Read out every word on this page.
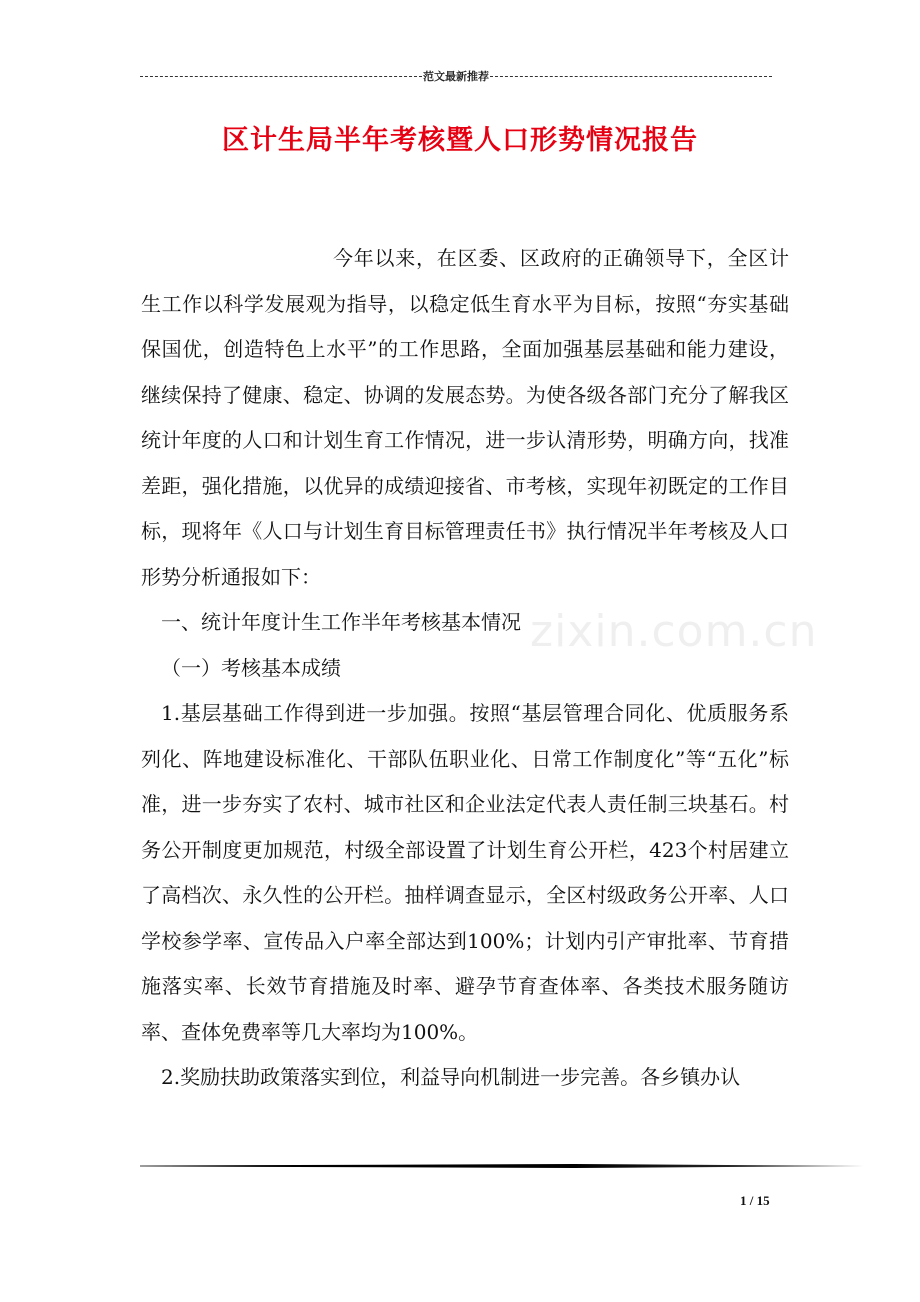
范文最新推荐
区计生局半年考核暨人口形势情况报告

今年以来，在区委、区政府的正确领导下，全区计生工作以科学发展观为指导，以稳定低生育水平为目标，按照“夯实基础保国优，创造特色上水平”的工作思路，全面加强基层基础和能力建设，继续保持了健康、稳定、协调的发展态势。为使各级各部门充分了解我区统计年度的人口和计划生育工作情况，进一步认清形势，明确方向，找准差距，强化措施，以优异的成绩迎接省、市考核，实现年初既定的工作目标，现将年《人口与计划生育目标管理责任书》执行情况半年考核及人口形势分析通报如下：

一、统计年度计生工作半年考核基本情况

（一）考核基本成绩

1.基层基础工作得到进一步加强。按照“基层管理合同化、优质服务系列化、阵地建设标准化、干部队伍职业化、日常工作制度化”等“五化”标准，进一步夯实了农村、城市社区和企业法定代表人责任制三块基石。村务公开制度更加规范，村级全部设置了计划生育公开栏，423个村居建立了高档次、永久性的公开栏。抽样调查显示，全区村级政务公开率、人口学校参学率、宣传品入户率全部达到100%；计划内引产审批率、节育措施落实率、长效节育措施及时率、避孕节育查体率、各类技术服务随访率、查体免费率等几大率均为100%。

2.奖励扶助政策落实到位，利益导向机制进一步完善。各乡镇办认

zixin.com.cn
1 / 15
